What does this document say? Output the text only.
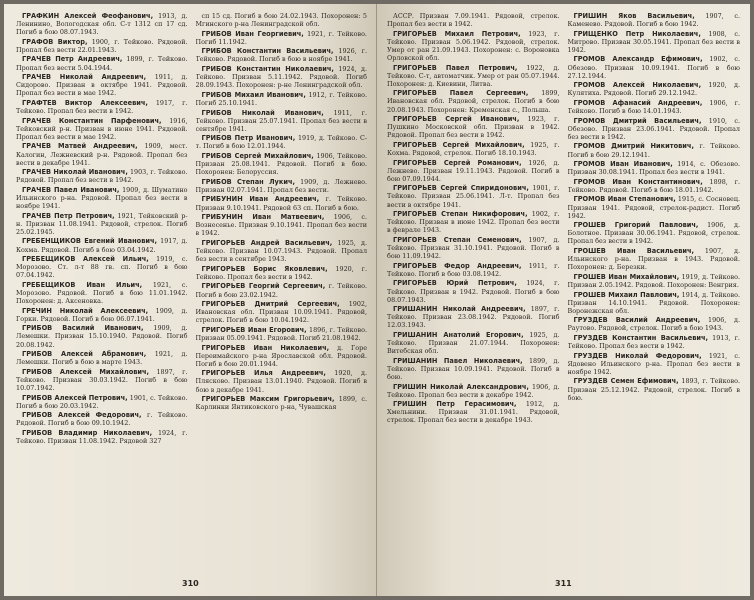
ГРАФКИН Алексей Феофанович, 1913, д. Ленинино, Вологодская обл. С-т 1312 сп 17 сд. Погиб в бою 08.07.1943.

ГРАФОВ Виктор, 1900, г. Тейково. Рядовой. Пропал без вести 22.01.1943.

ГРАЧЕВ Петр Андреевич, 1899, г. Тейково. Пропал без вести 5.04.1944.

ГРАЧЕВ Николай Андреевич, 1911, д. Сидорово. Призван в октябре 1941. Рядовой. Пропал без вести в мае 1942.

ГРАФТЕВ Виктор Алексеевич, 1917, г. Тейково. Пропал без вести в 1942.

ГРАЧЕВ Константин Парфенович, 1916, Тейковский р-н. Призван в июне 1941. Рядовой. Пропал без вести в мае 1942.

ГРАЧЕВ Матвей Андреевич, 1909, мест. Калогин, Лежневский р-н. Рядовой. Пропал без вести в декабре 1941.

ГРАЧЕВ Николай Иванович, 1903, г. Тейково. Рядовой. Пропал без вести в 1942.

ГРАЧЕВ Павел Иванович, 1909, д. Шуматино Ильинского р-на. Рядовой. Пропал без вести в ноябре 1941.

ГРАЧЕВ Петр Петрович, 1921, Тейковский р-н. Призван 11.08.1941. Рядовой, стрелок. Погиб 25.02.1945.

ГРЕБЕНЩИКОВ Евгений Иванович, 1917, д. Кохма. Рядовой. Погиб в бою 03.04.1942.

ГРЕБЕЩИКОВ Алексей Ильич, 1919, с. Морозово. Ст. л-т 88 гв. сп. Погиб в бою 07.04.1942.

ГРЕБЕЩИКОВ Иван Ильич, 1921, с. Морозово. Рядовой. Погиб в бою 11.01.1942. Похоронен: д. Аксеновка.

ГРЕЧИН Николай Алексеевич, 1909, д. Горки. Рядовой. Погиб в бою 06.07.1941.

ГРИБОВ Василий Иванович, 1909, д. Лемешки. Призван 15.10.1940. Рядовой. Погиб 20.08.1942.

ГРИБОВ Алексей Абрамович, 1921, д. Лемешки. Погиб в бою в марте 1943.

ГРИБОВ Алексей Михайлович, 1897, г. Тейково. Призван 30.03.1942. Погиб в бою 10.07.1942.

ГРИБОВ Алексей Петрович, 1901, с. Тейково. Погиб в бою 20.03.1942.

ГРИБОВ Алексей Федорович, г. Тейково. Рядовой. Погиб в бою 09.10.1942.

ГРИБОВ Владимир Николаевич, 1924, г. Тейково. Призван 11.08.1942. Рядовой 327

сп 15 сд. Погиб в бою 24.02.1943. Похоронен: 5 Мгинского р-на Ленинградской обл.

ГРИБОВ Иван Георгиевич, 1921, г. Тейково. Погиб 11.1942.

ГРИБОВ Константин Васильевич, 1926, г. Тейково. Рядовой. Погиб в бою в ноябре 1941.

ГРИБОВ Константин Николаевич, 1924, д. Тейково. Призван 5.11.1942. Рядовой. Погиб 28.09.1943. Похоронен: р-не Ленинградской обл.

ГРИБОВ Михаил Иванович, 1912, г. Тейково. Погиб 25.10.1941.

ГРИБОВ Николай Иванович, 1911, г. Тейково. Призван 25.07.1941. Пропал без вести в сентябре 1941.

ГРИБОВ Петр Иванович, 1919, д. Тейково. С-т. Погиб в бою 12.01.1944.

ГРИБОВ Сергей Михайлович, 1906, Тейково. Призван 25.08.1941. Рядовой. Погиб в бою. Похоронен: Белоруссия.

ГРИБОВ Степан Лукич, 1909, д. Лежнево. Призван 02.07.1941. Пропал без вести.

ГРИБУНИН Иван Андреевич, г. Тейково. Призван 9.10.1941. Рядовой 63 сп. Погиб в бою.

ГРИБУНИН Иван Матвеевич, 1906, с. Вознесенье. Призван 9.10.1941. Пропал без вести в 1942.

ГРИГОРЬЕВ Андрей Васильевич, 1925, д. Тейково. Призван 10.07.1943. Рядовой. Пропал без вести в сентябре 1943.

ГРИГОРЬЕВ Борис Яковлевич, 1920, г. Тейково. Пропал без вести в 1942.

ГРИГОРЬЕВ Георгий Сергеевич, г. Тейково. Погиб в бою 23.02.1942.

ГРИГОРЬЕВ Дмитрий Сергеевич, 1902, Ивановская обл. Призван 10.09.1941. Рядовой, стрелок. Погиб в бою 10.04.1942.

ГРИГОРЬЕВ Иван Егорович, 1896, г. Тейково. Призван 05.09.1941. Рядовой. Погиб 21.08.1942.

ГРИГОРЬЕВ Иван Николаевич, д. Горе Переимайского р-на Ярославской обл. Рядовой. Погиб в бою 20.01.1944.

ГРИГОРЬЕВ Илья Андреевич, 1920, д. Плясково. Призван 13.01.1940. Рядовой. Погиб в бою в декабре 1941.

ГРИГОРЬЕВ Максим Григорьевич, 1899, с. Карлинки Янтиковского р-на, Чувашская

310

АССР. Призван 7.09.1941. Рядовой, стрелок. Пропал без вести в 1942.

ГРИГОРЬЕВ Михаил Петрович, 1923, г. Тейково. Призван 5.06.1942. Рядовой, стрелок. Умер от ран 21.09.1943. Похоронен: с. Вороновка Орловской обл.

ГРИГОРЬЕВ Павел Петрович, 1922, д. Тейково. С-т, автоматчик. Умер от ран 05.07.1944. Похоронен: д. Киевини, Литва.

ГРИГОРЬЕВ Павел Сергеевич, 1899, Ивановская обл. Рядовой, стрелок. Погиб в бою 20.08.1943. Похоронен: Кременская с., Польша.

ГРИГОРЬЕВ Сергей Иванович, 1923, г. Пушкино Московской обл. Призван в 1942. Рядовой. Пропал без вести в 1942.

ГРИГОРЬЕВ Сергей Михайлович, 1925, г. Кохма. Рядовой, стрелок. Погиб 18.10.1943.

ГРИГОРЬЕВ Сергей Романович, 1926, д. Лежнево. Призван 19.11.1943. Рядовой. Погиб в бою 07.09.1944.

ГРИГОРЬЕВ Сергей Спиридонович, 1901, г. Тейково. Призван 25.06.1941. Л-т. Пропал без вести в октябре 1941.

ГРИГОРЬЕВ Степан Никифорович, 1902, г. Тейково. Призван в июне 1942. Пропал без вести в феврале 1943.

ГРИГОРЬЕВ Степан Семенович, 1907, д. Тейково. Призван 31.10.1941. Рядовой. Погиб в бою 11.09.1942.

ГРИГОРЬЕВ Федор Андреевич, 1911, г. Тейково. Погиб в бою 03.08.1942.

ГРИГОРЬЕВ Юрий Петрович, 1924, г. Тейково. Призван в 1942. Рядовой. Погиб в бою 08.07.1943.

ГРИШАНИН Николай Андреевич, 1897, г. Тейково. Призван 23.08.1942. Рядовой. Погиб 12.03.1943.

ГРИШАНИН Анатолий Егорович, 1925, д. Тейково. Призван 21.07.1944. Похоронен: Витебская обл.

ГРИШАНИН Павел Николаевич, 1899, д. Тейково. Призван 10.09.1941. Рядовой. Погиб в бою.

ГРИШИН Николай Александрович, 1906, д. Тейково. Пропал без вести в декабре 1942.

ГРИШИН Петр Герасимович, 1912, д. Хмельнини. Призван 31.01.1941. Рядовой, стрелок. Пропал без вести в декабре 1943.

ГРИШИН Яков Васильевич, 1907, с. Каменево. Рядовой. Погиб в бою 1942.

ГРИЩЕНКО Петр Николаевич, 1908, с. Митрово. Призван 30.05.1941. Пропал без вести в 1942.

ГРОМОВ Александр Ефимович, 1902, с. Обезово. Призван 10.09.1941. Погиб в бою 27.12.1944.

ГРОМОВ Алексей Николаевич, 1920, д. Кулятиха. Рядовой. Погиб 29.12.1942.

ГРОМОВ Афанасий Андреевич, 1906, г. Тейково. Погиб в бою 14.01.1943.

ГРОМОВ Дмитрий Васильевич, 1910, с. Обезово. Призван 23.06.1941. Рядовой. Пропал без вести в 1942.

ГРОМОВ Дмитрий Никитович, г. Тейково. Погиб в бою 29.12.1941.

ГРОМОВ Иван Иванович, 1914, с. Обезово. Призван 30.08.1941. Пропал без вести в 1941.

ГРОМОВ Иван Константинович, 1898, г. Тейково. Рядовой. Погиб в бою 18.01.1942.

ГРОМОВ Иван Степанович, 1915, с. Сосновец. Призван 1941. Рядовой, стрелок-радист. Погиб 1942.

ГРОШЕВ Григорий Павлович, 1906, д. Болотное. Призван 30.06.1941. Рядовой, стрелок. Пропал без вести в 1942.

ГРОШЕВ Иван Васильевич, 1907, д. Ильинского р-на. Призван в 1943. Рядовой. Похоронен: д. Березки.

ГРОШЕВ Иван Михайлович, 1919, д. Тейково. Призван 2.05.1942. Рядовой. Похоронен: Венгрия.

ГРОШЕВ Михаил Павлович, 1914, д. Тейково. Призван 14.10.1941. Рядовой. Похоронен: Воронежская обл.

ГРУЗДЕВ Василий Андреевич, 1906, д. Раутово. Рядовой, стрелок. Погиб в бою 1943.

ГРУЗДЕВ Константин Васильевич, 1913, г. Тейково. Пропал без вести в 1942.

ГРУЗДЕВ Николай Федорович, 1921, с. Ядовено Ильинского р-на. Пропал без вести в ноябре 1942.

ГРУЗДЕВ Семен Ефимович, 1893, г. Тейково. Призван 25.12.1942. Рядовой, стрелок. Погиб в бою.

311
